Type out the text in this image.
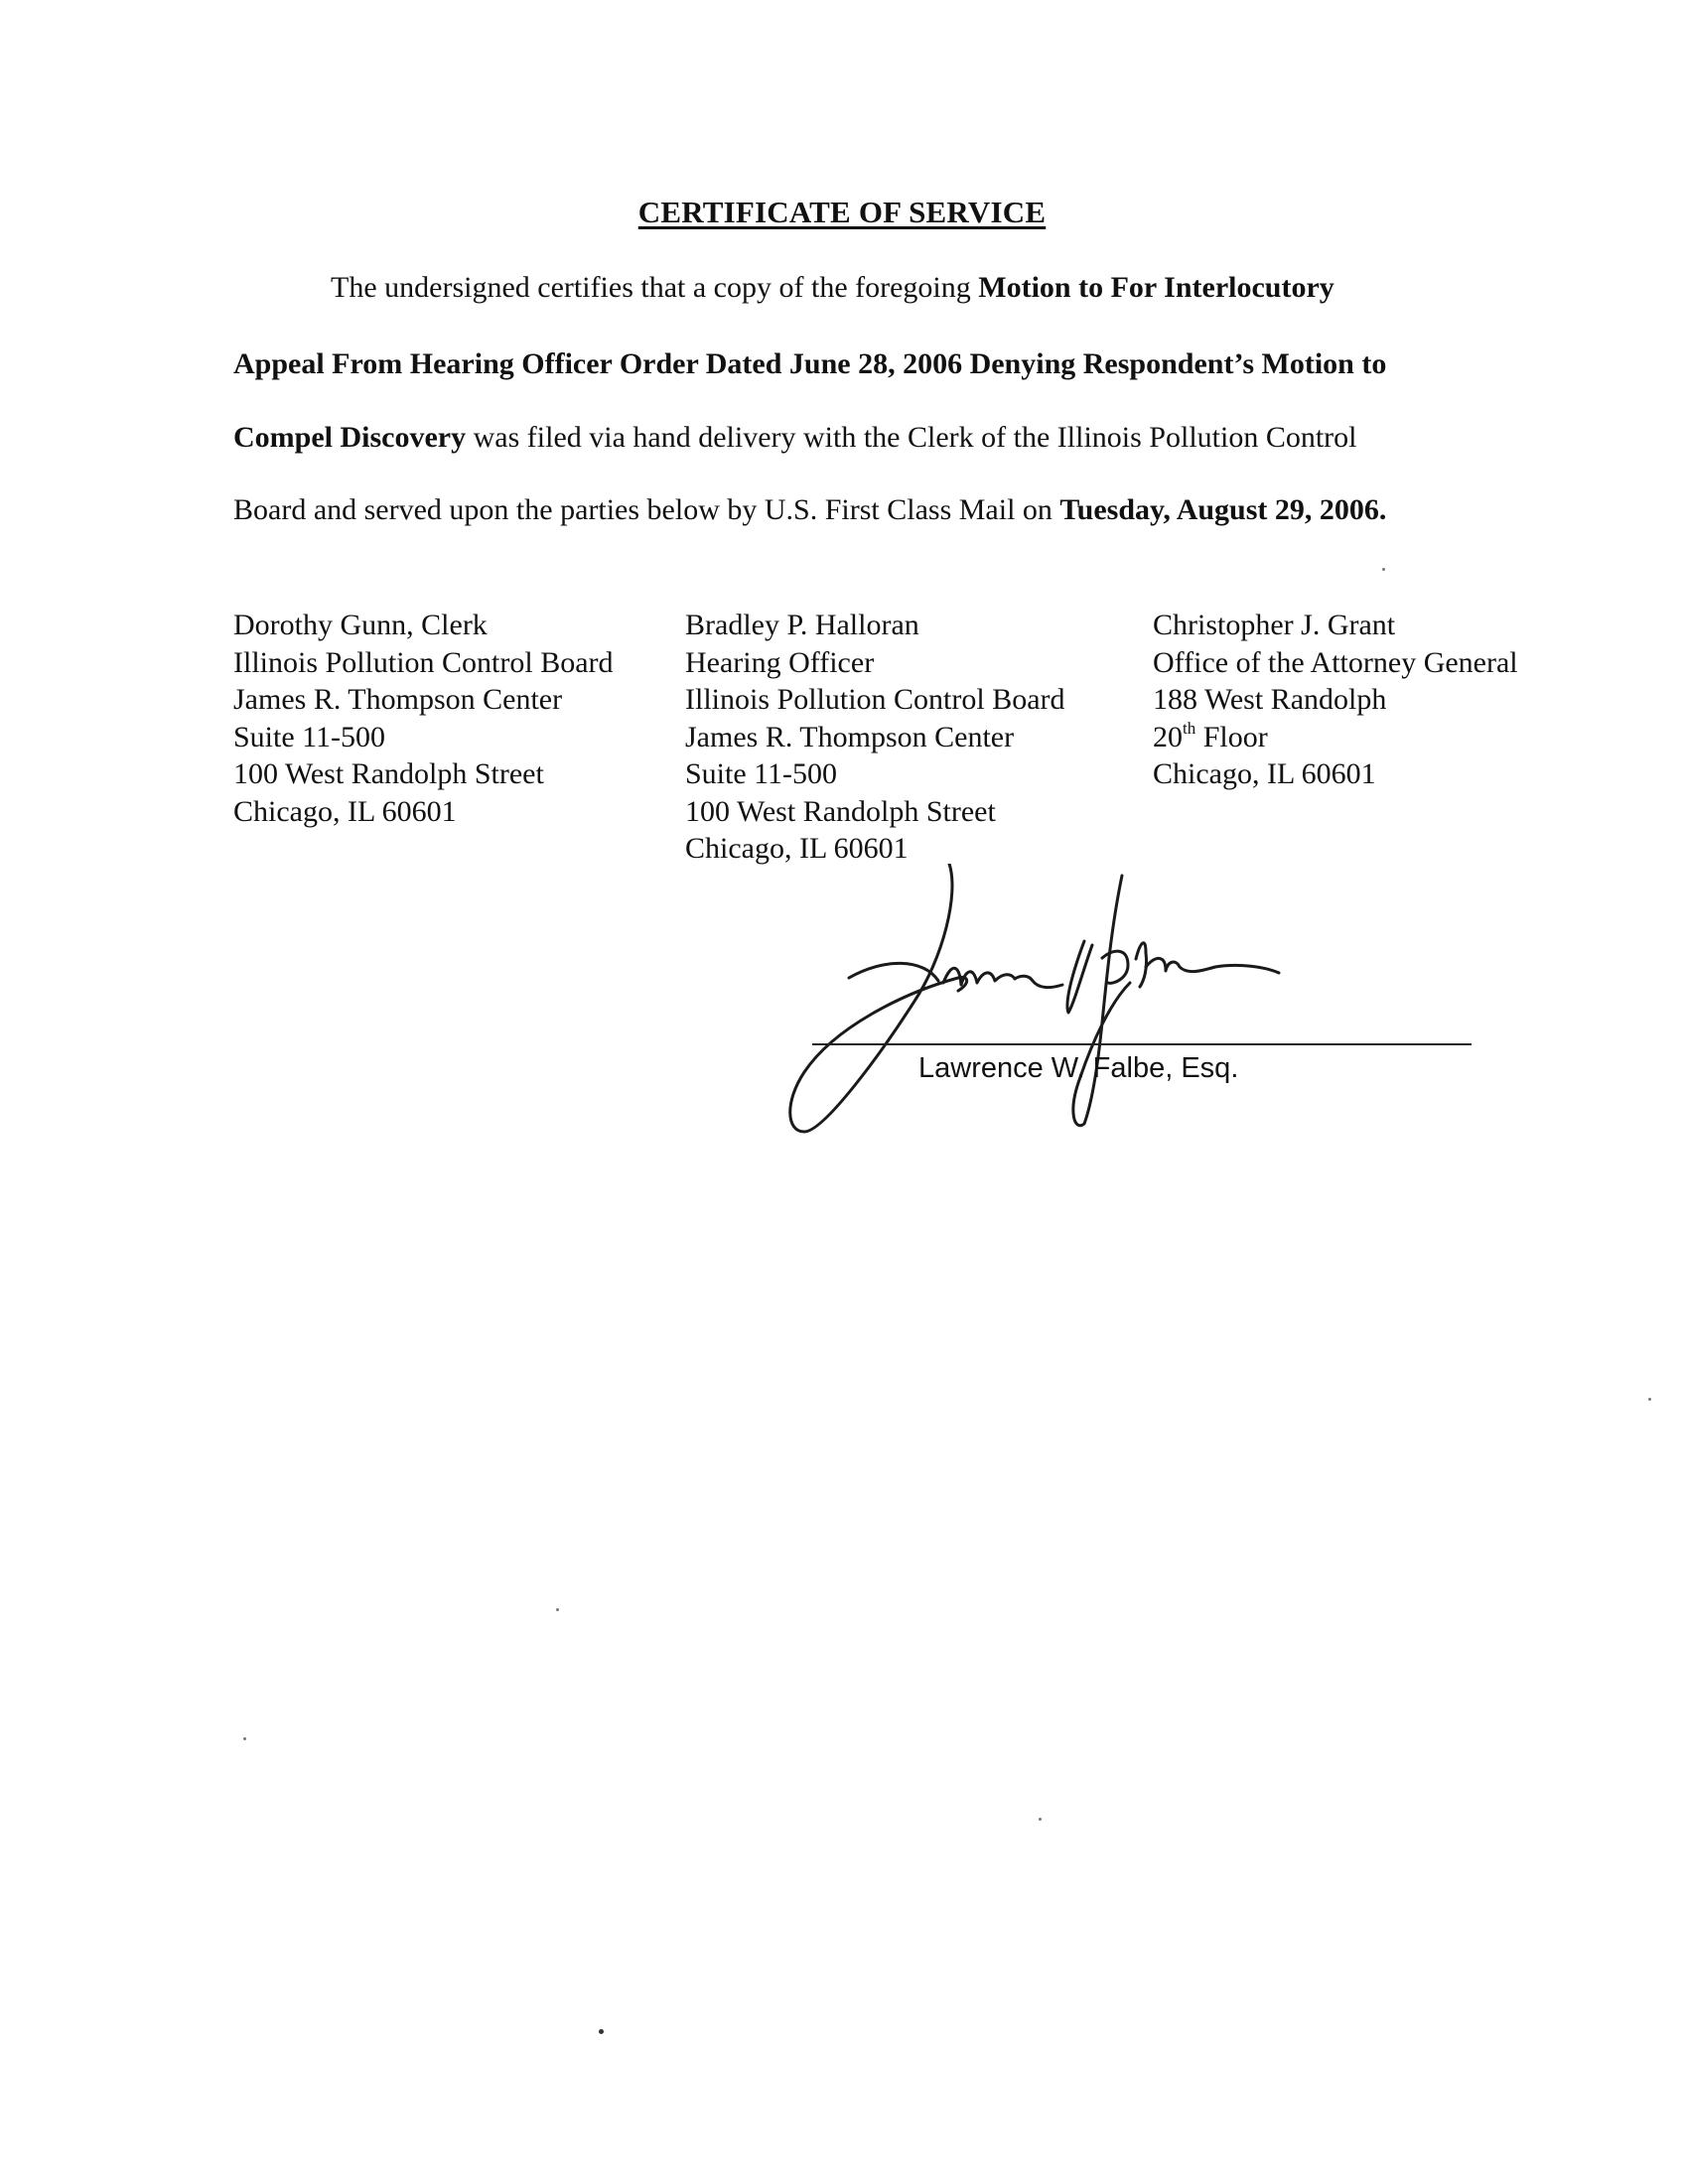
CERTIFICATE OF SERVICE
The undersigned certifies that a copy of the foregoing Motion to For Interlocutory
Appeal From Hearing Officer Order Dated June 28, 2006 Denying Respondent’s Motion to
Compel Discovery was filed via hand delivery with the Clerk of the Illinois Pollution Control
Board and served upon the parties below by U.S. First Class Mail on Tuesday, August 29, 2006.
Dorothy Gunn, Clerk
Illinois Pollution Control Board
James R. Thompson Center
Suite 11-500
100 West Randolph Street
Chicago, IL 60601
Bradley P. Halloran
Hearing Officer
Illinois Pollution Control Board
James R. Thompson Center
Suite 11-500
100 West Randolph Street
Chicago, IL 60601
Christopher J. Grant
Office of the Attorney General
188 West Randolph
20th Floor
Chicago, IL 60601
Lawrence W. Falbe, Esq.
